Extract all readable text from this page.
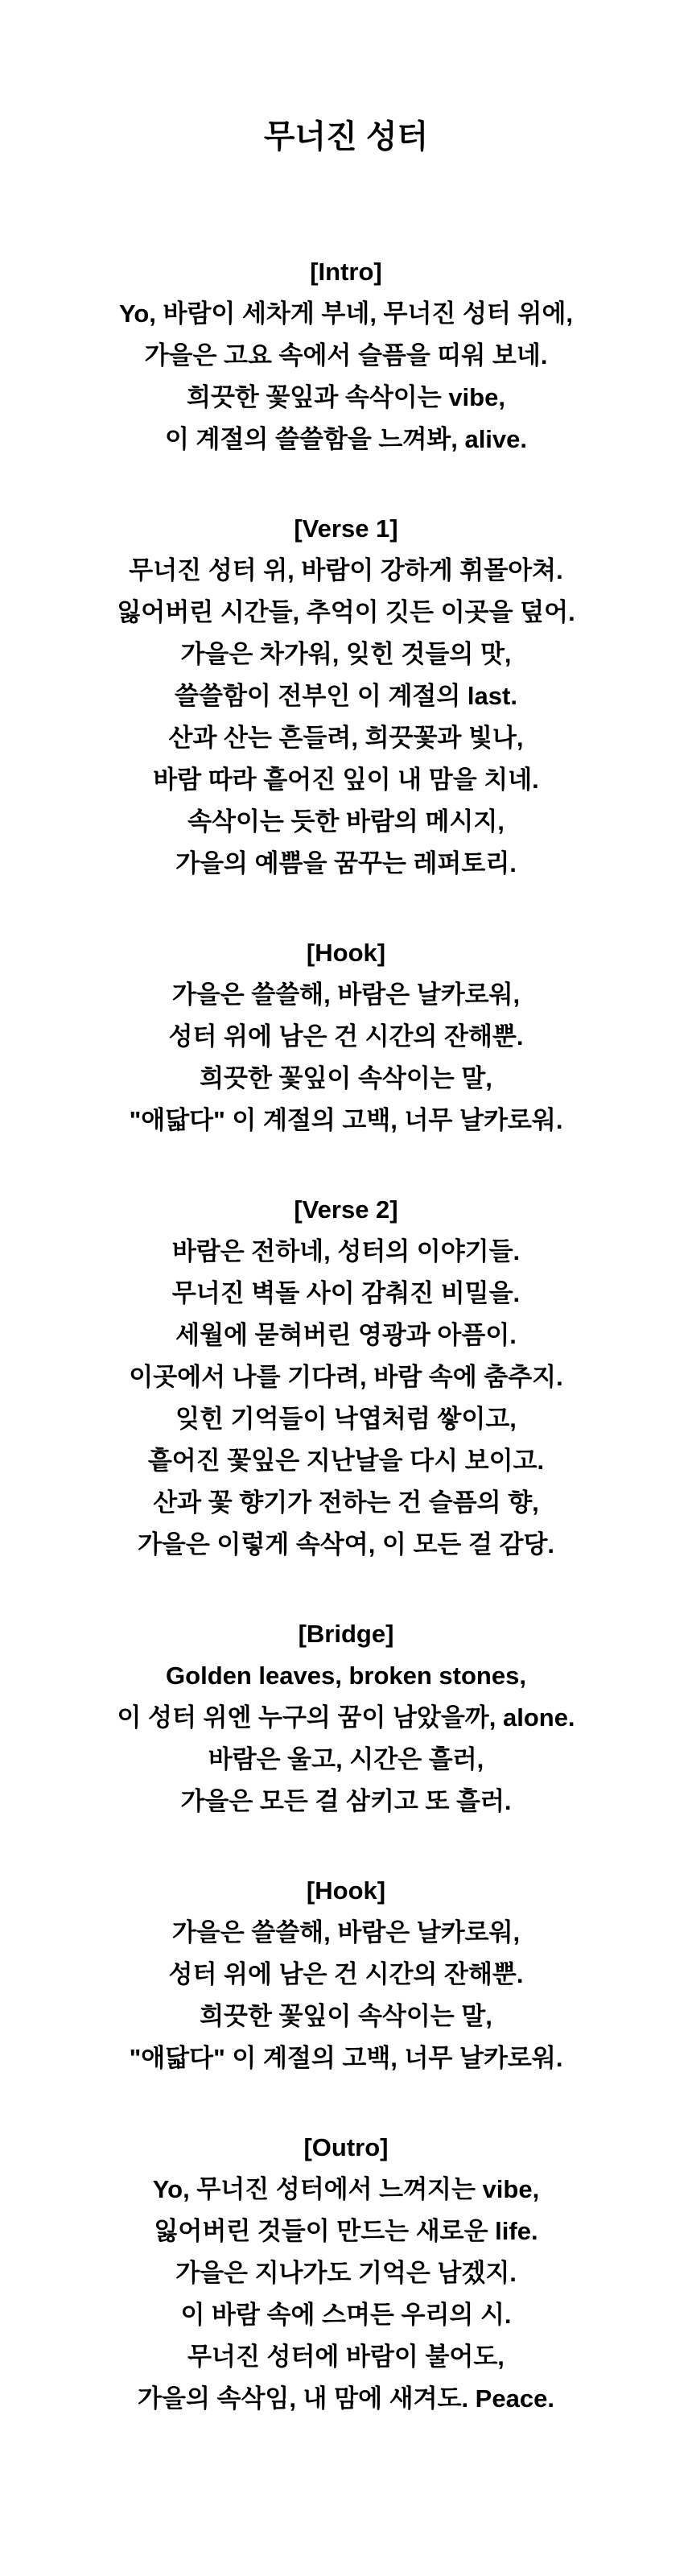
무너진 성터
[Intro]
Yo, 바람이 세차게 부네, 무너진 성터 위에,
가을은 고요 속에서 슬픔을 띠워 보네.
희끗한 꽃잎과 속삭이는 vibe,
이 계절의 쓸쓸함을 느껴봐, alive.
[Verse 1]
무너진 성터 위, 바람이 강하게 휘몰아쳐.
잃어버린 시간들, 추억이 깃든 이곳을 덮어.
가을은 차가워, 잊힌 것들의 맛,
쓸쓸함이 전부인 이 계절의 last.
산과 산는 흔들려, 희끗꽃과 빛나,
바람 따라 흩어진 잎이 내 맘을 치네.
속삭이는 듯한 바람의 메시지,
가을의 예쁨을 꿈꾸는 레퍼토리.
[Hook]
가을은 쓸쓸해, 바람은 날카로워,
성터 위에 남은 건 시간의 잔해뿐.
희끗한 꽃잎이 속삭이는 말,
"애닯다" 이 계절의 고백, 너무 날카로워.
[Verse 2]
바람은 전하네, 성터의 이야기들.
무너진 벽돌 사이 감춰진 비밀을.
세월에 묻혀버린 영광과 아픔이.
이곳에서 나를 기다려, 바람 속에 춤추지.
잊힌 기억들이 낙엽처럼 쌓이고,
흩어진 꽃잎은 지난날을 다시 보이고.
산과 꽃 향기가 전하는 건 슬픔의 향,
가을은 이렇게 속삭여, 이 모든 걸 감당.
[Bridge]
Golden leaves, broken stones,
이 성터 위엔 누구의 꿈이 남았을까, alone.
바람은 울고, 시간은 흘러,
가을은 모든 걸 삼키고 또 흘러.
[Hook]
가을은 쓸쓸해, 바람은 날카로워,
성터 위에 남은 건 시간의 잔해뿐.
희끗한 꽃잎이 속삭이는 말,
"애닯다" 이 계절의 고백, 너무 날카로워.
[Outro]
Yo, 무너진 성터에서 느껴지는 vibe,
잃어버린 것들이 만드는 새로운 life.
가을은 지나가도 기억은 남겠지.
이 바람 속에 스며든 우리의 시.
무너진 성터에 바람이 불어도,
가을의 속삭임, 내 맘에 새겨도. Peace.
